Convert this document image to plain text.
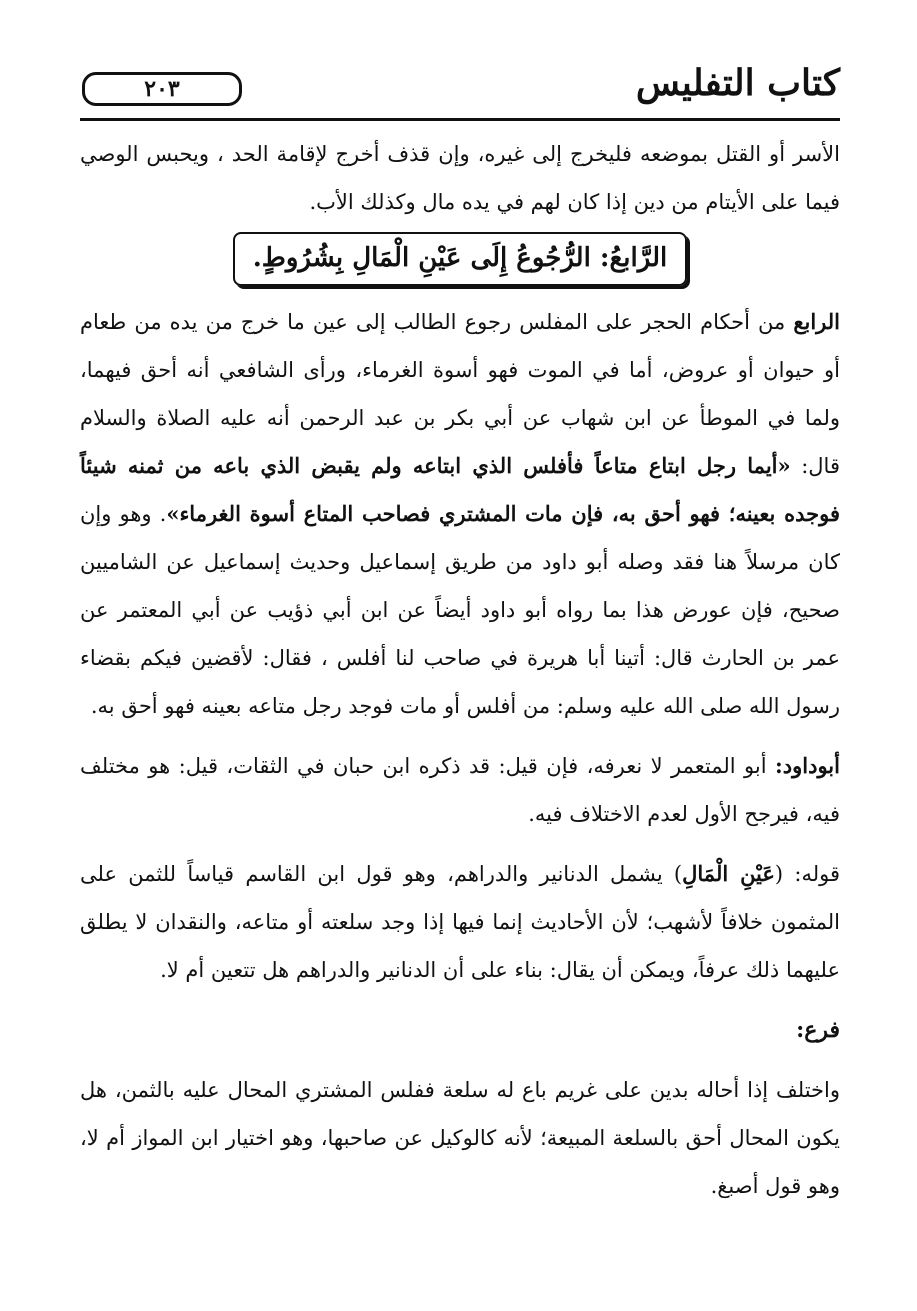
٢٠٣	كتاب التفليس

الأسر أو القتل بموضعه فليخرج إلى غيره، وإن قذف أخرج لإقامة الحد ، ويحبس الوصي فيما على الأيتام من دين إذا كان لهم في يده مال وكذلك الأب.

الرَّابعُ: الرُّجُوعُ إِلَى عَيْنِ الْمَالِ بِشُرُوطٍ.

الرابع من أحكام الحجر على المفلس رجوع الطالب إلى عين ما خرج من يده من طعام أو حيوان أو عروض، أما في الموت فهو أسوة الغرماء، ورأى الشافعي أنه أحق فيهما، ولما في الموطأ عن ابن شهاب عن أبي بكر بن عبد الرحمن أنه عليه الصلاة والسلام قال: «أيما رجل ابتاع متاعاً فأفلس الذي ابتاعه ولم يقبض الذي باعه من ثمنه شيئاً فوجده بعينه؛ فهو أحق به، فإن مات المشتري فصاحب المتاع أسوة الغرماء». وهو وإن كان مرسلاً هنا فقد وصله أبو داود من طريق إسماعيل وحديث إسماعيل عن الشاميين صحيح، فإن عورض هذا بما رواه أبو داود أيضاً عن ابن أبي ذؤيب عن أبي المعتمر عن عمر بن الحارث قال: أتينا أبا هريرة في صاحب لنا أفلس ، فقال: لأقضين فيكم بقضاء رسول الله صلى الله عليه وسلم: من أفلس أو مات فوجد رجل متاعه بعينه فهو أحق به.

أبوداود: أبو المتعمر لا نعرفه، فإن قيل: قد ذكره ابن حبان في الثقات، قيل: هو مختلف فيه، فيرجح الأول لعدم الاختلاف فيه.

قوله: (عَيْنِ الْمَالِ) يشمل الدنانير والدراهم، وهو قول ابن القاسم قياساً للثمن على المثمون خلافاً لأشهب؛ لأن الأحاديث إنما فيها إذا وجد سلعته أو متاعه، والنقدان لا يطلق عليهما ذلك عرفاً، ويمكن أن يقال: بناء على أن الدنانير والدراهم هل تتعين أم لا.

فرع:

واختلف إذا أحاله بدين على غريم باع له سلعة ففلس المشتري المحال عليه بالثمن، هل يكون المحال أحق بالسلعة المبيعة؛ لأنه كالوكيل عن صاحبها، وهو اختيار ابن المواز أم لا، وهو قول أصبغ.
